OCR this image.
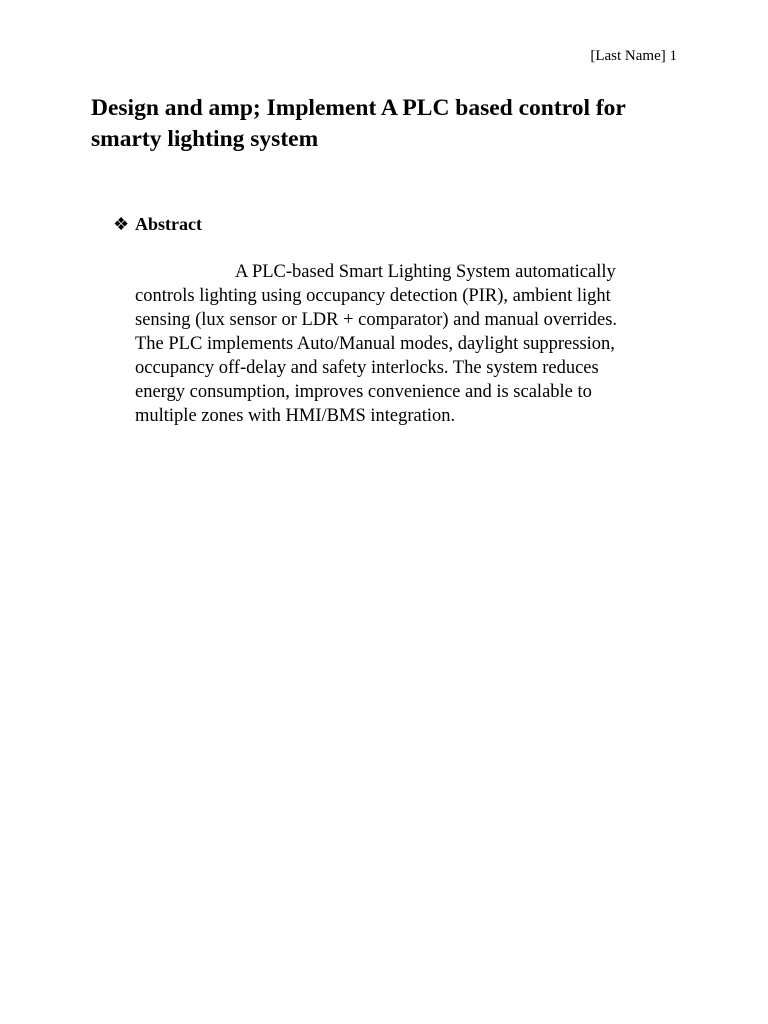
[Last Name] 1
Design and amp; Implement A PLC based control for smarty lighting system
❖ Abstract

A PLC-based Smart Lighting System automatically
controls lighting using occupancy detection (PIR), ambient light
sensing (lux sensor or LDR + comparator) and manual overrides.
The PLC implements Auto/Manual modes, daylight suppression,
occupancy off-delay and safety interlocks. The system reduces
energy consumption, improves convenience and is scalable to
multiple zones with HMI/BMS integration.
